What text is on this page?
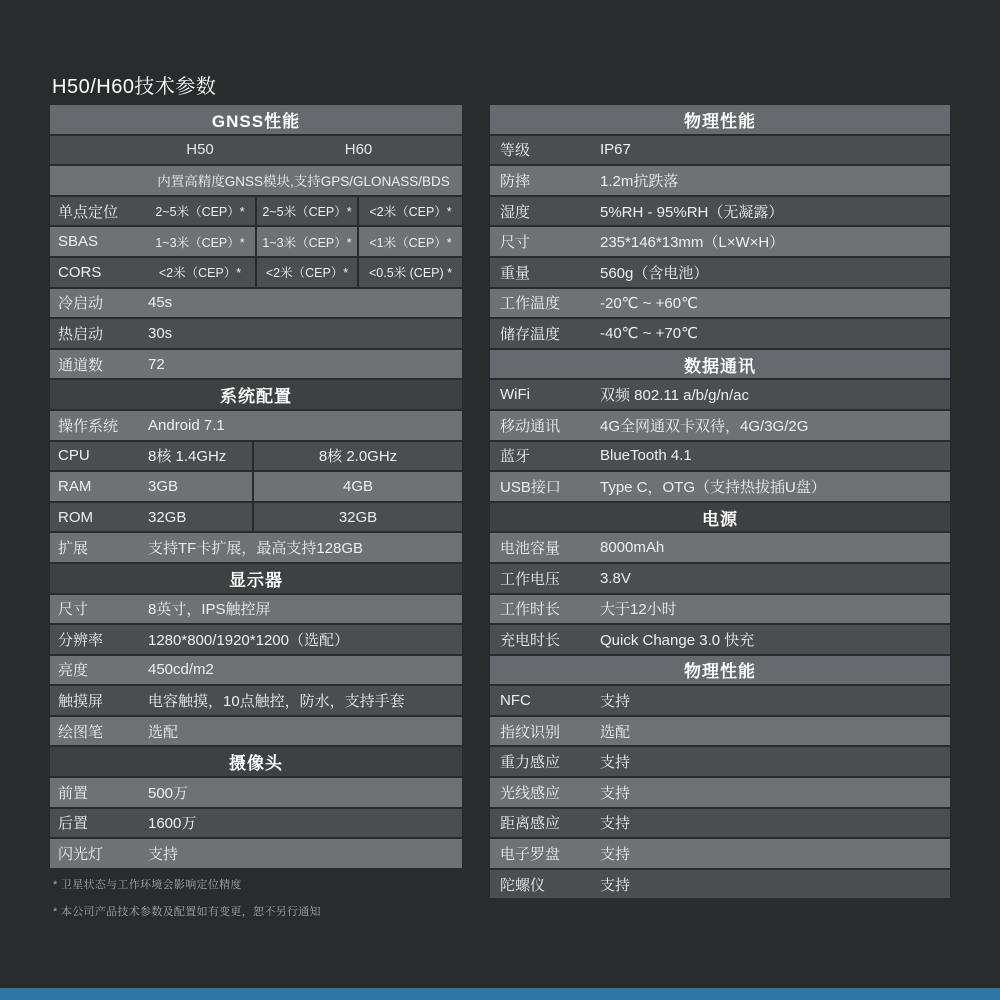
H50/H60技术参数
GNSS性能
H50	H60
内置高精度GNSS模块,支持GPS/GLONASS/BDS
单点定位	2~5米（CEP）*	2~5米（CEP）*	<2米（CEP）*
SBAS	1~3米（CEP）*	1~3米（CEP）*	<1米（CEP）*
CORS	<2米（CEP）*	<2米（CEP）*	<0.5米 (CEP) *
冷启动	45s
热启动	30s
通道数	72
系统配置
操作系统	Android 7.1
CPU	8核 1.4GHz	8核 2.0GHz
RAM	3GB	4GB
ROM	32GB	32GB
扩展	支持TF卡扩展，最高支持128GB
显示器
尺寸	8英寸，IPS触控屏
分辨率	1280*800/1920*1200（选配）
亮度	450cd/m2
触摸屏	电容触摸，10点触控，防水，支持手套
绘图笔	选配
摄像头
前置	500万
后置	1600万
闪光灯	支持
物理性能
等级	IP67
防摔	1.2m抗跌落
湿度	5%RH - 95%RH（无凝露）
尺寸	235*146*13mm（L×W×H）
重量	560g（含电池）
工作温度	-20℃ ~ +60℃
储存温度	-40℃ ~ +70℃
数据通讯
WiFi	双频 802.11 a/b/g/n/ac
移动通讯	4G全网通双卡双待，4G/3G/2G
蓝牙	BlueTooth 4.1
USB接口	Type C，OTG（支持热拔插U盘）
电源
电池容量	8000mAh
工作电压	3.8V
工作时长	大于12小时
充电时长	Quick Change 3.0 快充
物理性能
NFC	支持
指纹识别	选配
重力感应	支持
光线感应	支持
距离感应	支持
电子罗盘	支持
陀螺仪	支持
* 卫星状态与工作环境会影响定位精度
* 本公司产品技术参数及配置如有变更，恕不另行通知
